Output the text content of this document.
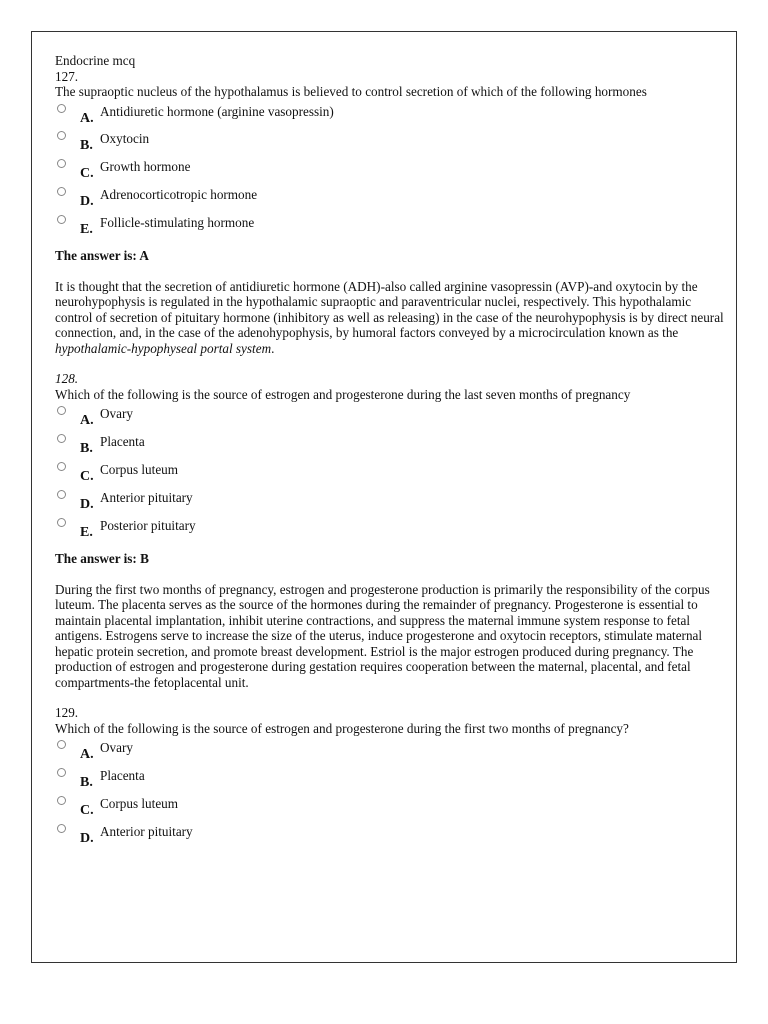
Endocrine mcq
127.
The supraoptic nucleus of the hypothalamus is believed to control secretion of which of the following hormones
A. Antidiuretic hormone (arginine vasopressin)
B. Oxytocin
C. Growth hormone
D. Adrenocorticotropic hormone
E. Follicle-stimulating hormone
The answer is: A
It is thought that the secretion of antidiuretic hormone (ADH)-also called arginine vasopressin (AVP)-and oxytocin by the neurohypophysis is regulated in the hypothalamic supraoptic and paraventricular nuclei, respectively. This hypothalamic control of secretion of pituitary hormone (inhibitory as well as releasing) in the case of the neurohypophysis is by direct neural connection, and, in the case of the adenohypophysis, by humoral factors conveyed by a microcirculation known as the hypothalamic-hypophyseal portal system.
128.
Which of the following is the source of estrogen and progesterone during the last seven months of pregnancy
A. Ovary
B. Placenta
C. Corpus luteum
D. Anterior pituitary
E. Posterior pituitary
The answer is: B
During the first two months of pregnancy, estrogen and progesterone production is primarily the responsibility of the corpus luteum. The placenta serves as the source of the hormones during the remainder of pregnancy. Progesterone is essential to maintain placental implantation, inhibit uterine contractions, and suppress the maternal immune system response to fetal antigens. Estrogens serve to increase the size of the uterus, induce progesterone and oxytocin receptors, stimulate maternal hepatic protein secretion, and promote breast development. Estriol is the major estrogen produced during pregnancy. The production of estrogen and progesterone during gestation requires cooperation between the maternal, placental, and fetal compartments-the fetoplacental unit.
129.
Which of the following is the source of estrogen and progesterone during the first two months of pregnancy?
A. Ovary
B. Placenta
C. Corpus luteum
D. Anterior pituitary
